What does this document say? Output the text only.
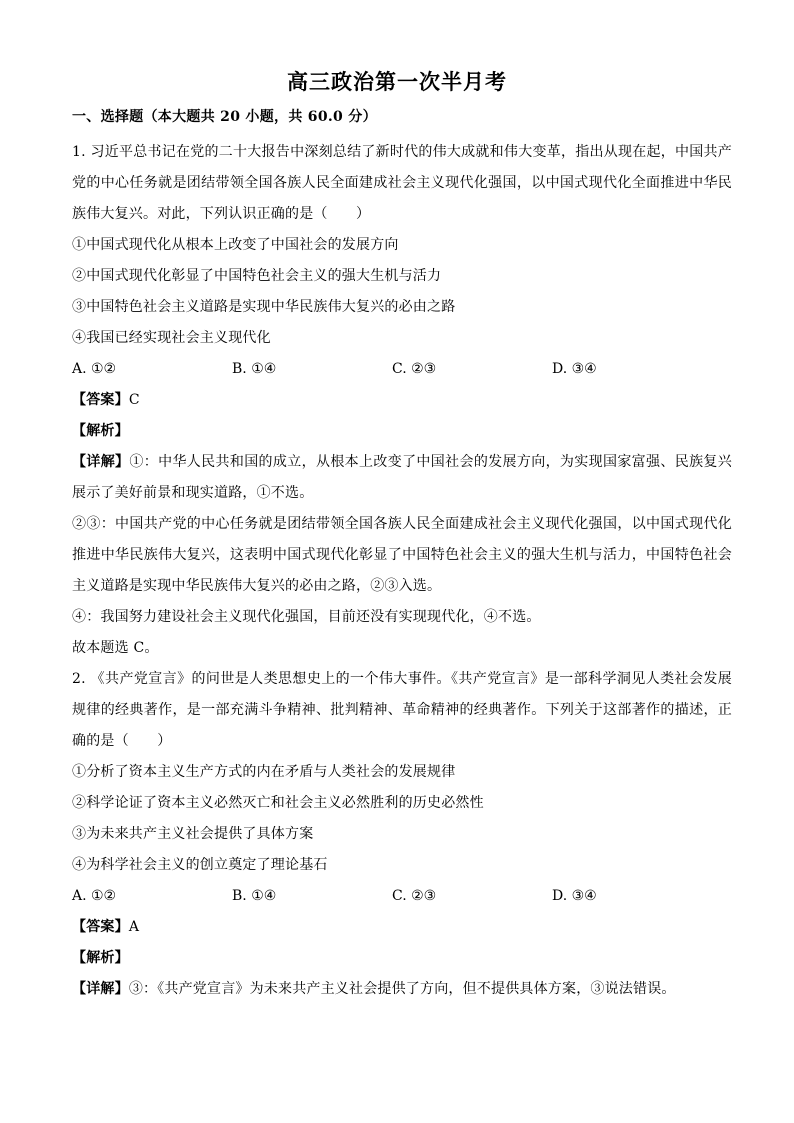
高三政治第一次半月考
一、选择题（本大题共 20 小题，共 60.0 分）

1. 习近平总书记在党的二十大报告中深刻总结了新时代的伟大成就和伟大变革，指出从现在起，中国共产党的中心任务就是团结带领全国各族人民全面建成社会主义现代化强国，以中国式现代化全面推进中华民族伟大复兴。对此，下列认识正确的是（　　）

①中国式现代化从根本上改变了中国社会的发展方向

②中国式现代化彰显了中国特色社会主义的强大生机与活力

③中国特色社会主义道路是实现中华民族伟大复兴的必由之路

④我国已经实现社会主义现代化

A. ①②	B. ①④	C. ②③	D. ③④

【答案】C

【解析】

【详解】①：中华人民共和国的成立，从根本上改变了中国社会的发展方向，为实现国家富强、民族复兴展示了美好前景和现实道路，①不选。

②③：中国共产党的中心任务就是团结带领全国各族人民全面建成社会主义现代化强国，以中国式现代化推进中华民族伟大复兴，这表明中国式现代化彰显了中国特色社会主义的强大生机与活力，中国特色社会主义道路是实现中华民族伟大复兴的必由之路，②③入选。

④：我国努力建设社会主义现代化强国，目前还没有实现现代化，④不选。

故本题选 C。

2. 《共产党宣言》的问世是人类思想史上的一个伟大事件。《共产党宣言》是一部科学洞见人类社会发展规律的经典著作，是一部充满斗争精神、批判精神、革命精神的经典著作。下列关于这部著作的描述，正确的是（　　）

①分析了资本主义生产方式的内在矛盾与人类社会的发展规律

②科学论证了资本主义必然灭亡和社会主义必然胜利的历史必然性

③为未来共产主义社会提供了具体方案

④为科学社会主义的创立奠定了理论基石

A. ①②	B. ①④	C. ②③	D. ③④

【答案】A

【解析】

【详解】③：《共产党宣言》为未来共产主义社会提供了方向，但不提供具体方案，③说法错误。
